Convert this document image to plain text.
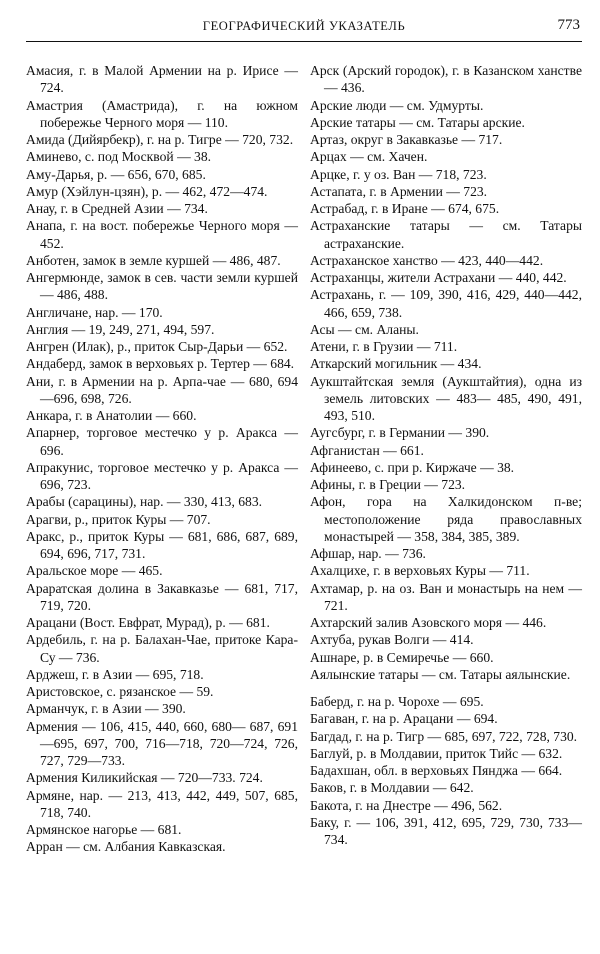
ГЕОГРАФИЧЕСКИЙ УКАЗАТЕЛЬ	773

Амасия, г. в Малой Армении на р. Ирисе — 724.

Амастрия (Амастрида), г. на южном побережье Черного моря — 110.

Амида (Дийярбекр), г. на р. Тигре — 720, 732.

Аминево, с. под Москвой — 38.

Аму-Дарья, р. — 656, 670, 685.

Амур (Хэйлун-цзян), р. — 462, 472—474.

Анау, г. в Средней Азии — 734.

Анапа, г. на вост. побережье Черного моря — 452.

Анботен, замок в земле куршей — 486, 487.

Ангермюнде, замок в сев. части земли куршей — 486, 488.

Англичане, нар. — 170.

Англия — 19, 249, 271, 494, 597.

Ангрен (Илак), р., приток Сыр-Дарьи — 652.

Андаберд, замок в верховьях р. Тертер — 684.

Ани, г. в Армении на р. Арпа-чае — 680, 694—696, 698, 726.

Анкара, г. в Анатолии — 660.

Апарнер, торговое местечко у р. Аракса — 696.

Апракунис, торговое местечко у р. Аракса — 696, 723.

Арабы (сарацины), нар. — 330, 413, 683.

Арагви, р., приток Куры — 707.

Аракс, р., приток Куры — 681, 686, 687, 689, 694, 696, 717, 731.

Аральское море — 465.

Араратская долина в Закавказье — 681, 717, 719, 720.

Арацани (Вост. Евфрат, Мурад), р. — 681.

Ардебиль, г. на р. Балахан-Чае, притоке Кара-Су — 736.

Арджеш, г. в Азии — 695, 718.

Аристовское, с. рязанское — 59.

Арманчук, г. в Азии — 390.

Армения — 106, 415, 440, 660, 680— 687, 691—695, 697, 700, 716—718, 720—724, 726, 727, 729—733.

Армения Киликийская — 720—733. 724.

Армяне, нар. — 213, 413, 442, 449, 507, 685, 718, 740.

Армянское нагорье — 681.

Арран — см. Албания Кавказская.

Арск (Арский городок), г. в Казанском ханстве — 436.

Арские люди — см. Удмурты.

Арские татары — см. Татары арские.

Артаз, округ в Закавказье — 717.

Арцах — см. Хачен.

Арцке, г. у оз. Ван — 718, 723.

Астапата, г. в Армении — 723.

Астрабад, г. в Иране — 674, 675.

Астраханские татары — см. Татары астраханские.

Астраханское ханство — 423, 440—442.

Астраханцы, жители Астрахани — 440, 442.

Астрахань, г. — 109, 390, 416, 429, 440—442, 466, 659, 738.

Асы — см. Аланы.

Атени, г. в Грузии — 711.

Аткарский могильник — 434.

Аукштайтская земля (Аукштайтия), одна из земель литовских — 483— 485, 490, 491, 493, 510.

Аугсбург, г. в Германии — 390.

Афганистан — 661.

Афинеево, с. при р. Киржаче — 38.

Афины, г. в Греции — 723.

Афон, гора на Халкидонском п-ве; местоположение ряда православных монастырей — 358, 384, 385, 389.

Афшар, нар. — 736.

Ахалцихе, г. в верховьях Куры — 711.

Ахтамар, р. на оз. Ван и монастырь на нем — 721.

Ахтарский залив Азовского моря — 446.

Ахтуба, рукав Волги — 414.

Ашнаре, р. в Семиречье — 660.

Аялынские татары — см. Татары аялынские.

Баберд, г. на р. Чорохе — 695.

Багаван, г. на р. Арацани — 694.

Багдад, г. на р. Тигр — 685, 697, 722, 728, 730.

Баглуй, р. в Молдавии, приток Тийс — 632.

Бадахшан, обл. в верховьях Пянджа — 664.

Баков, г. в Молдавии — 642.

Бакота, г. на Днестре — 496, 562.

Баку, г. — 106, 391, 412, 695, 729, 730, 733—734.
